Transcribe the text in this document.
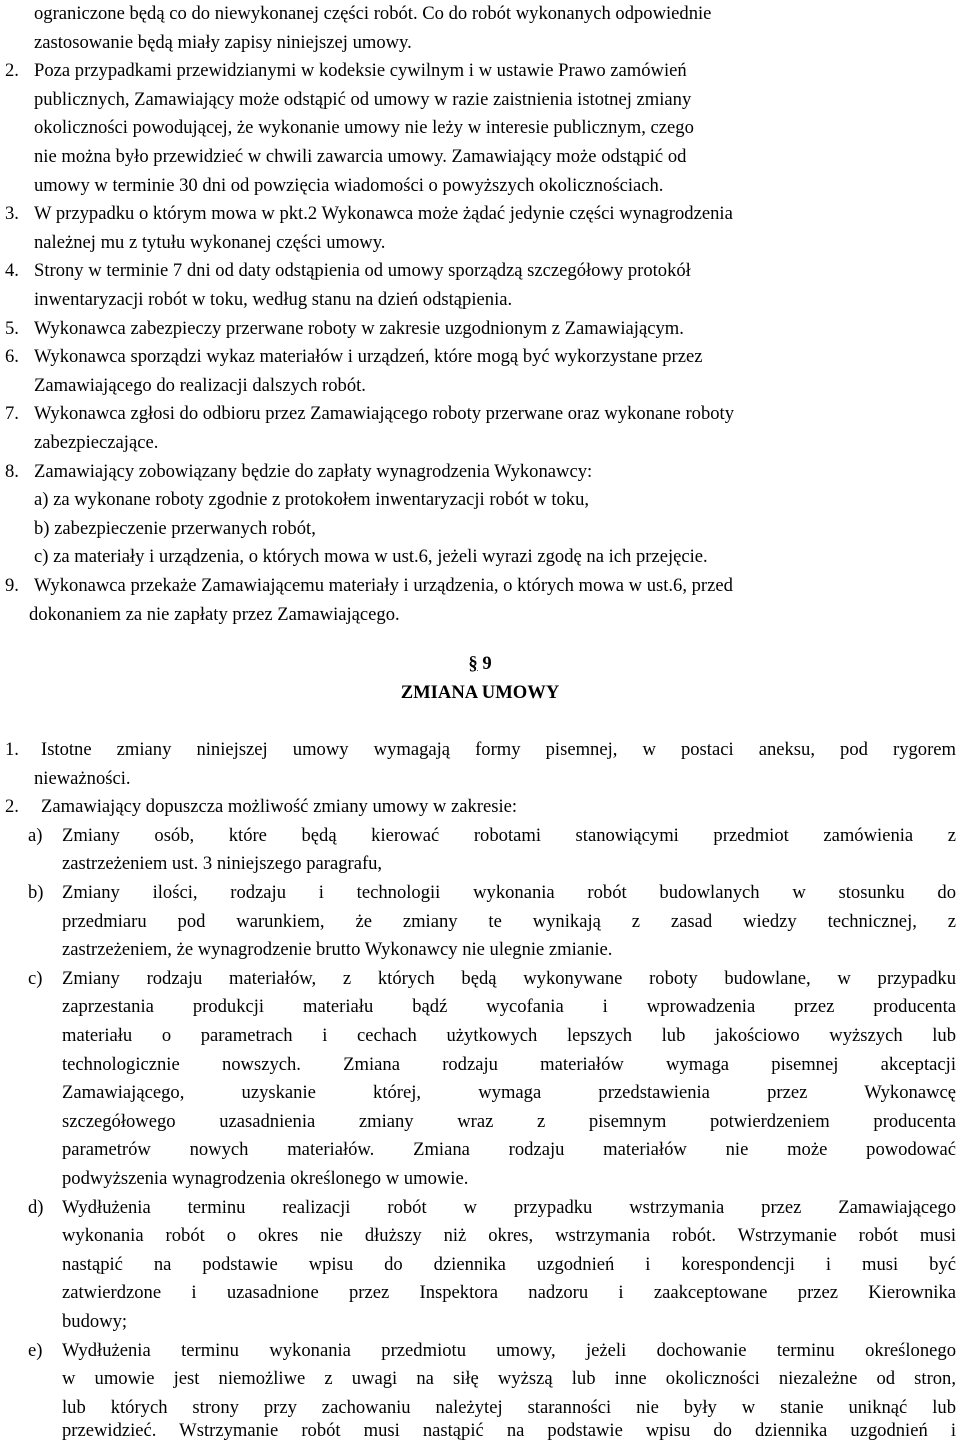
ograniczone będą co do niewykonanej części robót. Co do robót wykonanych odpowiednie
zastosowanie będą miały zapisy niniejszej umowy.
2. Poza przypadkami przewidzianymi w kodeksie cywilnym i w ustawie Prawo zamówień
publicznych, Zamawiający może odstąpić od umowy w razie zaistnienia istotnej zmiany
okoliczności powodującej, że wykonanie umowy nie leży w interesie publicznym, czego
nie można było przewidzieć w chwili zawarcia umowy. Zamawiający może odstąpić od
umowy w terminie 30 dni od powzięcia wiadomości o powyższych okolicznościach.
3. W przypadku o którym mowa w pkt.2 Wykonawca może żądać jedynie części wynagrodzenia
należnej mu z tytułu wykonanej części umowy.
4. Strony w terminie 7 dni od daty odstąpienia od umowy sporządzą szczegółowy protokół
inwentaryzacji robót w toku, według stanu na dzień odstąpienia.
5. Wykonawca zabezpieczy przerwane roboty w zakresie uzgodnionym z Zamawiającym.
6. Wykonawca sporządzi wykaz materiałów i urządzeń, które mogą być wykorzystane przez
Zamawiającego do realizacji dalszych robót.
7. Wykonawca zgłosi do odbioru przez Zamawiającego roboty przerwane oraz wykonane roboty
zabezpieczające.
8. Zamawiający zobowiązany będzie do zapłaty wynagrodzenia Wykonawcy:
a) za wykonane roboty zgodnie z protokołem inwentaryzacji robót w toku,
b) zabezpieczenie przerwanych robót,
c) za materiały i urządzenia, o których mowa w ust.6, jeżeli wyrazi zgodę na ich przejęcie.
9. Wykonawca przekaże Zamawiającemu materiały i urządzenia, o których mowa w ust.6, przed
dokonaniem za nie zapłaty przez Zamawiającego.
§ 9
ZMIANA UMOWY
1. Istotne zmiany niniejszej umowy wymagają formy pisemnej, w postaci aneksu, pod rygorem
nieważności.
2. Zamawiający dopuszcza możliwość zmiany umowy w zakresie:
a) Zmiany osób, które będą kierować robotami stanowiącymi przedmiot zamówienia z
zastrzeżeniem ust. 3 niniejszego paragrafu,
b) Zmiany ilości, rodzaju i technologii wykonania robót budowlanych w stosunku do
przedmiaru pod warunkiem, że zmiany te wynikają z zasad wiedzy technicznej, z
zastrzeżeniem, że wynagrodzenie brutto Wykonawcy nie ulegnie zmianie.
c) Zmiany rodzaju materiałów, z których będą wykonywane roboty budowlane, w przypadku
zaprzestania produkcji materiału bądź wycofania i wprowadzenia przez producenta
materiału o parametrach i cechach użytkowych lepszych lub jakościowo wyższych lub
technologicznie nowszych. Zmiana rodzaju materiałów wymaga pisemnej akceptacji
Zamawiającego, uzyskanie której, wymaga przedstawienia przez Wykonawcę
szczegółowego uzasadnienia zmiany wraz z pisemnym potwierdzeniem producenta
parametrów nowych materiałów. Zmiana rodzaju materiałów nie może powodować
podwyższenia wynagrodzenia określonego w umowie.
d) Wydłużenia terminu realizacji robót w przypadku wstrzymania przez Zamawiającego
wykonania robót o okres nie dłuższy niż okres, wstrzymania robót. Wstrzymanie robót musi
nastąpić na podstawie wpisu do dziennika uzgodnień i korespondencji i musi być
zatwierdzone i uzasadnione przez Inspektora nadzoru i zaakceptowane przez Kierownika
budowy;
e) Wydłużenia terminu wykonania przedmiotu umowy, jeżeli dochowanie terminu określonego
w umowie jest niemożliwe z uwagi na siłę wyższą lub inne okoliczności niezależne od stron,
lub których strony przy zachowaniu należytej staranności nie były w stanie uniknąć lub
przewidzieć. Wstrzymanie robót musi nastąpić na podstawie wpisu do dziennika uzgodnień i
